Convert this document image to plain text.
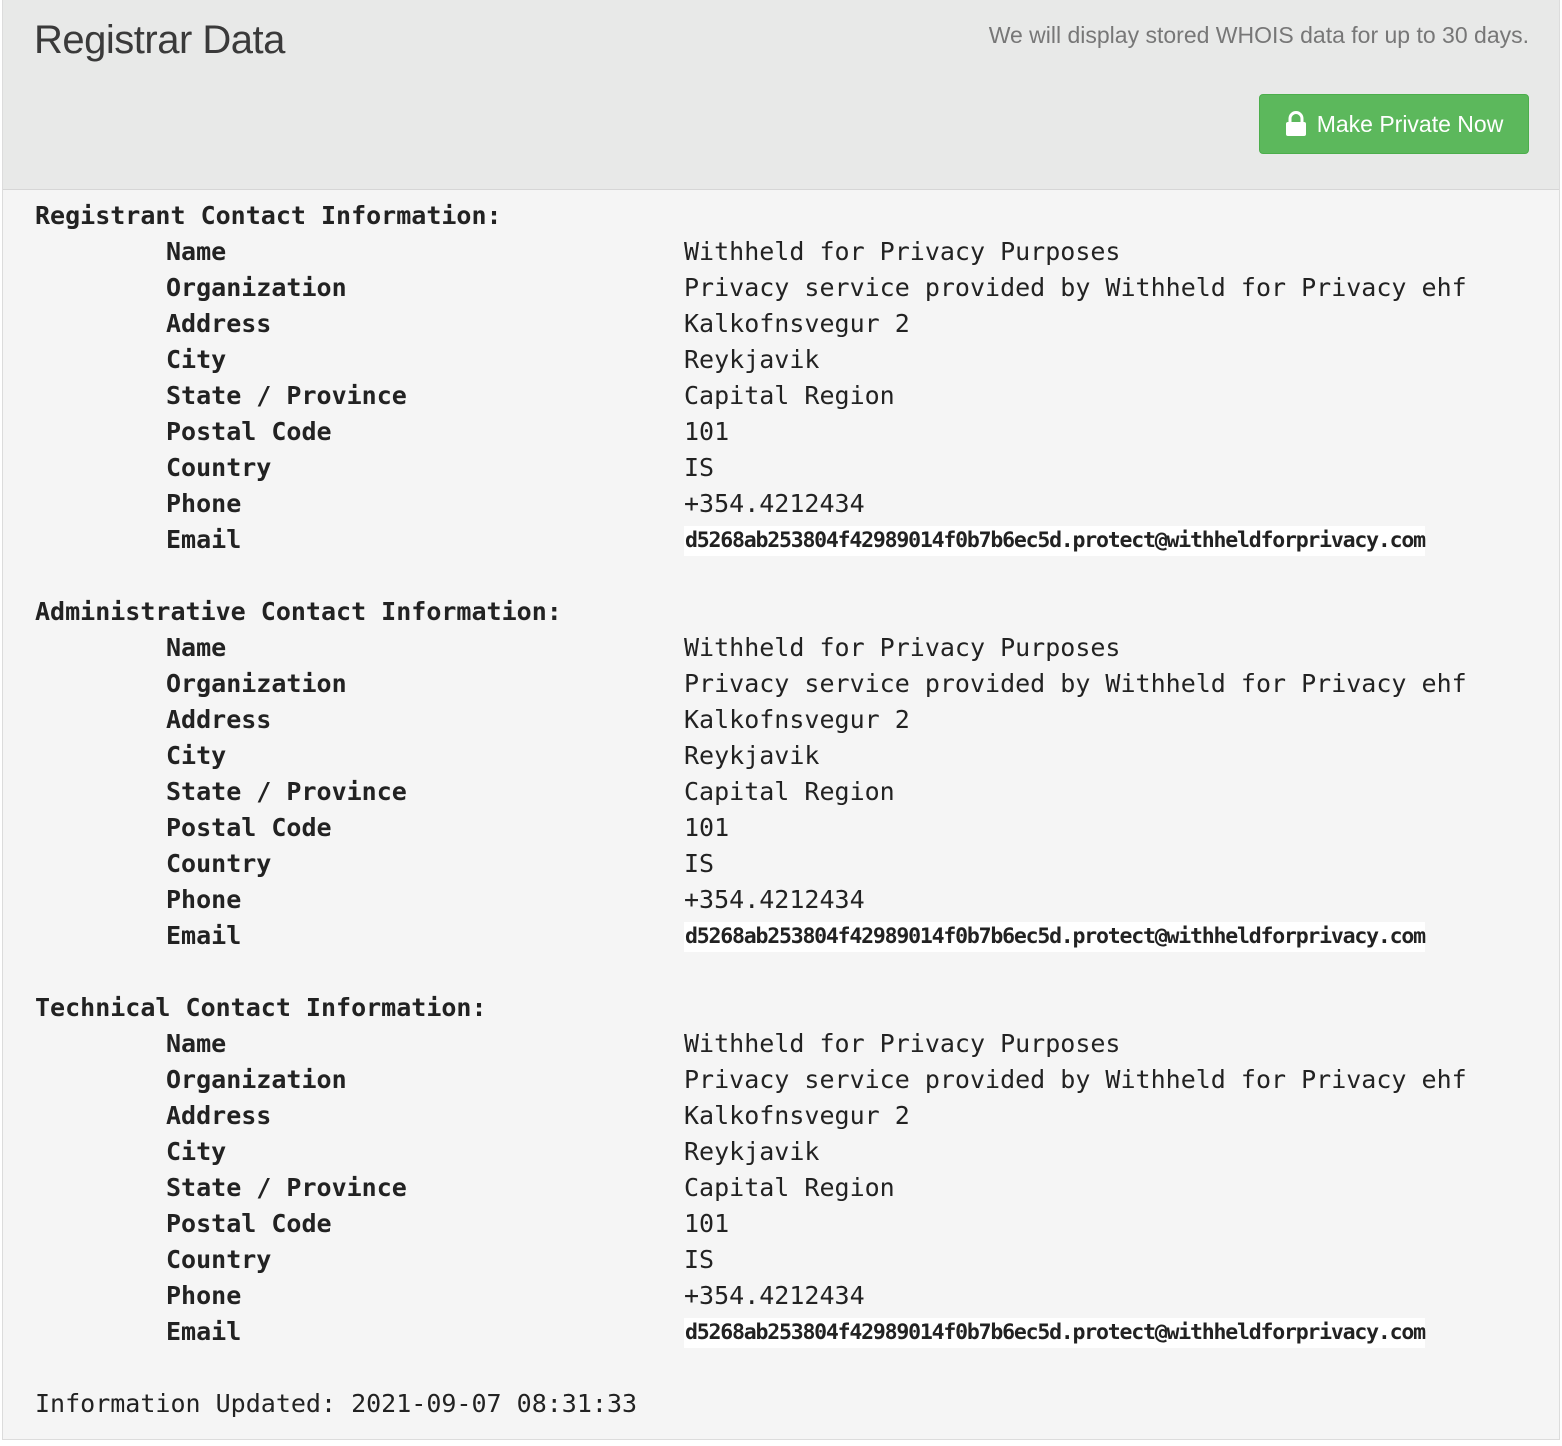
Registrar Data	We will display stored WHOIS data for up to 30 days.
Make Private Now
Registrant Contact Information:
Name	Withheld for Privacy Purposes
Organization	Privacy service provided by Withheld for Privacy ehf
Address	Kalkofnsvegur 2
City	Reykjavik
State / Province	Capital Region
Postal Code	101
Country	IS
Phone	+354.4212434
Email	d5268ab253804f42989014f0b7b6ec5d.protect@withheldforprivacy.com
Administrative Contact Information:
Name	Withheld for Privacy Purposes
Organization	Privacy service provided by Withheld for Privacy ehf
Address	Kalkofnsvegur 2
City	Reykjavik
State / Province	Capital Region
Postal Code	101
Country	IS
Phone	+354.4212434
Email	d5268ab253804f42989014f0b7b6ec5d.protect@withheldforprivacy.com
Technical Contact Information:
Name	Withheld for Privacy Purposes
Organization	Privacy service provided by Withheld for Privacy ehf
Address	Kalkofnsvegur 2
City	Reykjavik
State / Province	Capital Region
Postal Code	101
Country	IS
Phone	+354.4212434
Email	d5268ab253804f42989014f0b7b6ec5d.protect@withheldforprivacy.com
Information Updated: 2021-09-07 08:31:33
